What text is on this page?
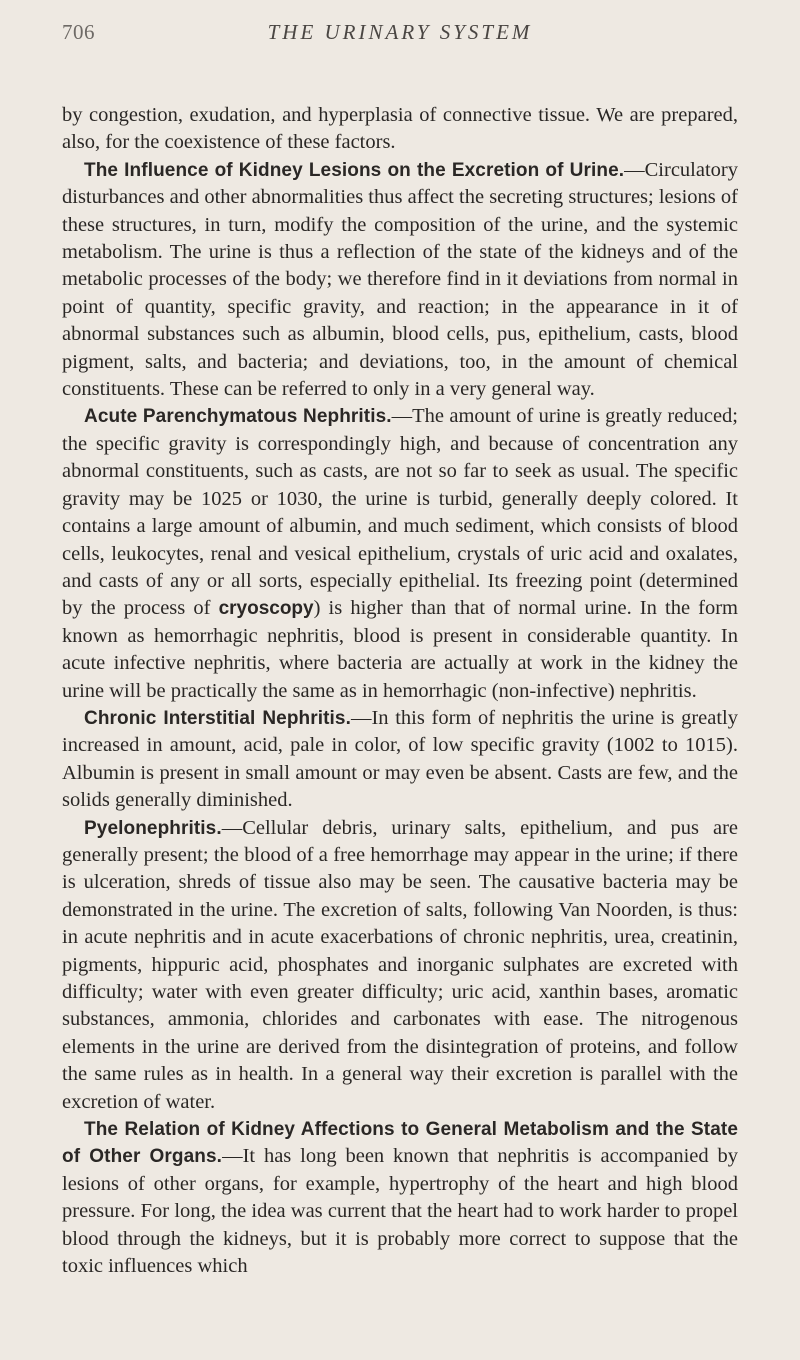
706	THE URINARY SYSTEM

by congestion, exudation, and hyperplasia of connective tissue. We are prepared, also, for the coexistence of these factors.

The Influence of Kidney Lesions on the Excretion of Urine.—Circulatory disturbances and other abnormalities thus affect the secreting structures; lesions of these structures, in turn, modify the composition of the urine, and the systemic metabolism. The urine is thus a reflection of the state of the kidneys and of the metabolic processes of the body; we therefore find in it deviations from normal in point of quantity, specific gravity, and reaction; in the appearance in it of abnormal substances such as albumin, blood cells, pus, epithelium, casts, blood pigment, salts, and bacteria; and deviations, too, in the amount of chemical constituents. These can be referred to only in a very general way.

Acute Parenchymatous Nephritis.—The amount of urine is greatly reduced; the specific gravity is correspondingly high, and because of concentration any abnormal constituents, such as casts, are not so far to seek as usual. The specific gravity may be 1025 or 1030, the urine is turbid, generally deeply colored. It contains a large amount of albumin, and much sediment, which consists of blood cells, leukocytes, renal and vesical epithelium, crystals of uric acid and oxalates, and casts of any or all sorts, especially epithelial. Its freezing point (determined by the process of cryoscopy) is higher than that of normal urine. In the form known as hemorrhagic nephritis, blood is present in considerable quantity. In acute infective nephritis, where bacteria are actually at work in the kidney the urine will be practically the same as in hemorrhagic (non-infective) nephritis.

Chronic Interstitial Nephritis.—In this form of nephritis the urine is greatly increased in amount, acid, pale in color, of low specific gravity (1002 to 1015). Albumin is present in small amount or may even be absent. Casts are few, and the solids generally diminished.

Pyelonephritis.—Cellular debris, urinary salts, epithelium, and pus are generally present; the blood of a free hemorrhage may appear in the urine; if there is ulceration, shreds of tissue also may be seen. The causative bacteria may be demonstrated in the urine. The excretion of salts, following Van Noorden, is thus: in acute nephritis and in acute exacerbations of chronic nephritis, urea, creatinin, pigments, hippuric acid, phosphates and inorganic sulphates are excreted with difficulty; water with even greater difficulty; uric acid, xanthin bases, aromatic substances, ammonia, chlorides and carbonates with ease. The nitrogenous elements in the urine are derived from the disintegration of proteins, and follow the same rules as in health. In a general way their excretion is parallel with the excretion of water.

The Relation of Kidney Affections to General Metabolism and the State of Other Organs.—It has long been known that nephritis is accompanied by lesions of other organs, for example, hypertrophy of the heart and high blood pressure. For long, the idea was current that the heart had to work harder to propel blood through the kidneys, but it is probably more correct to suppose that the toxic influences which
